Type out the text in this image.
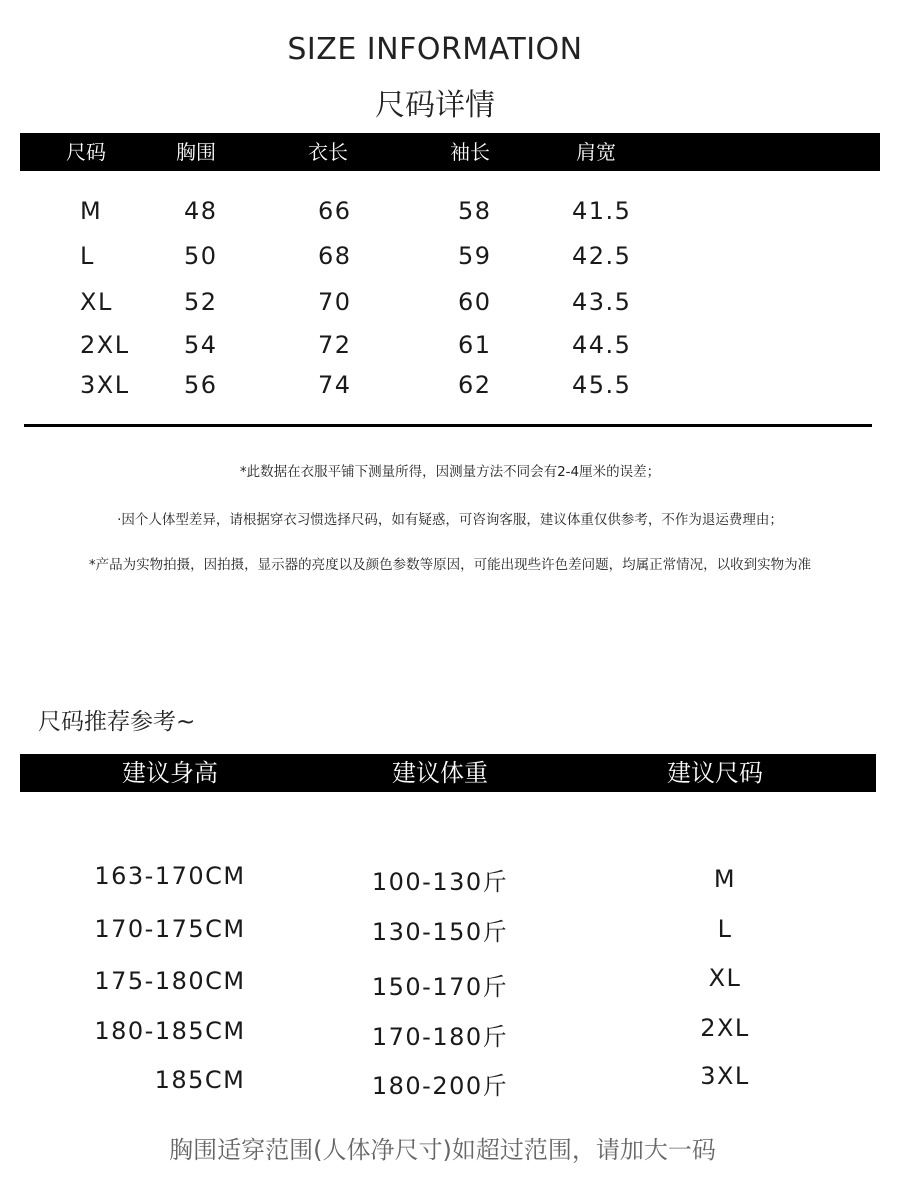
SIZE INFORMATION
尺码详情
尺码	胸围	衣长	袖长	肩宽
M	48	66	58	41.5
L	50	68	59	42.5
XL	52	70	60	43.5
2XL	54	72	61	44.5
3XL	56	74	62	45.5
*此数据在衣服平铺下测量所得，因测量方法不同会有2-4厘米的误差；
·因个人体型差异，请根据穿衣习惯选择尺码，如有疑惑，可咨询客服，建议体重仅供参考，不作为退运费理由；
*产品为实物拍摄，因拍摄，显示器的亮度以及颜色参数等原因，可能出现些许色差问题，均属正常情况，以收到实物为准
尺码推荐参考~
建议身高	建议体重	建议尺码
163-170CM	100-130斤	M
170-175CM	130-150斤	L
175-180CM	150-170斤	XL
180-185CM	170-180斤	2XL
185CM	180-200斤	3XL
胸围适穿范围(人体净尺寸)如超过范围，请加大一码
